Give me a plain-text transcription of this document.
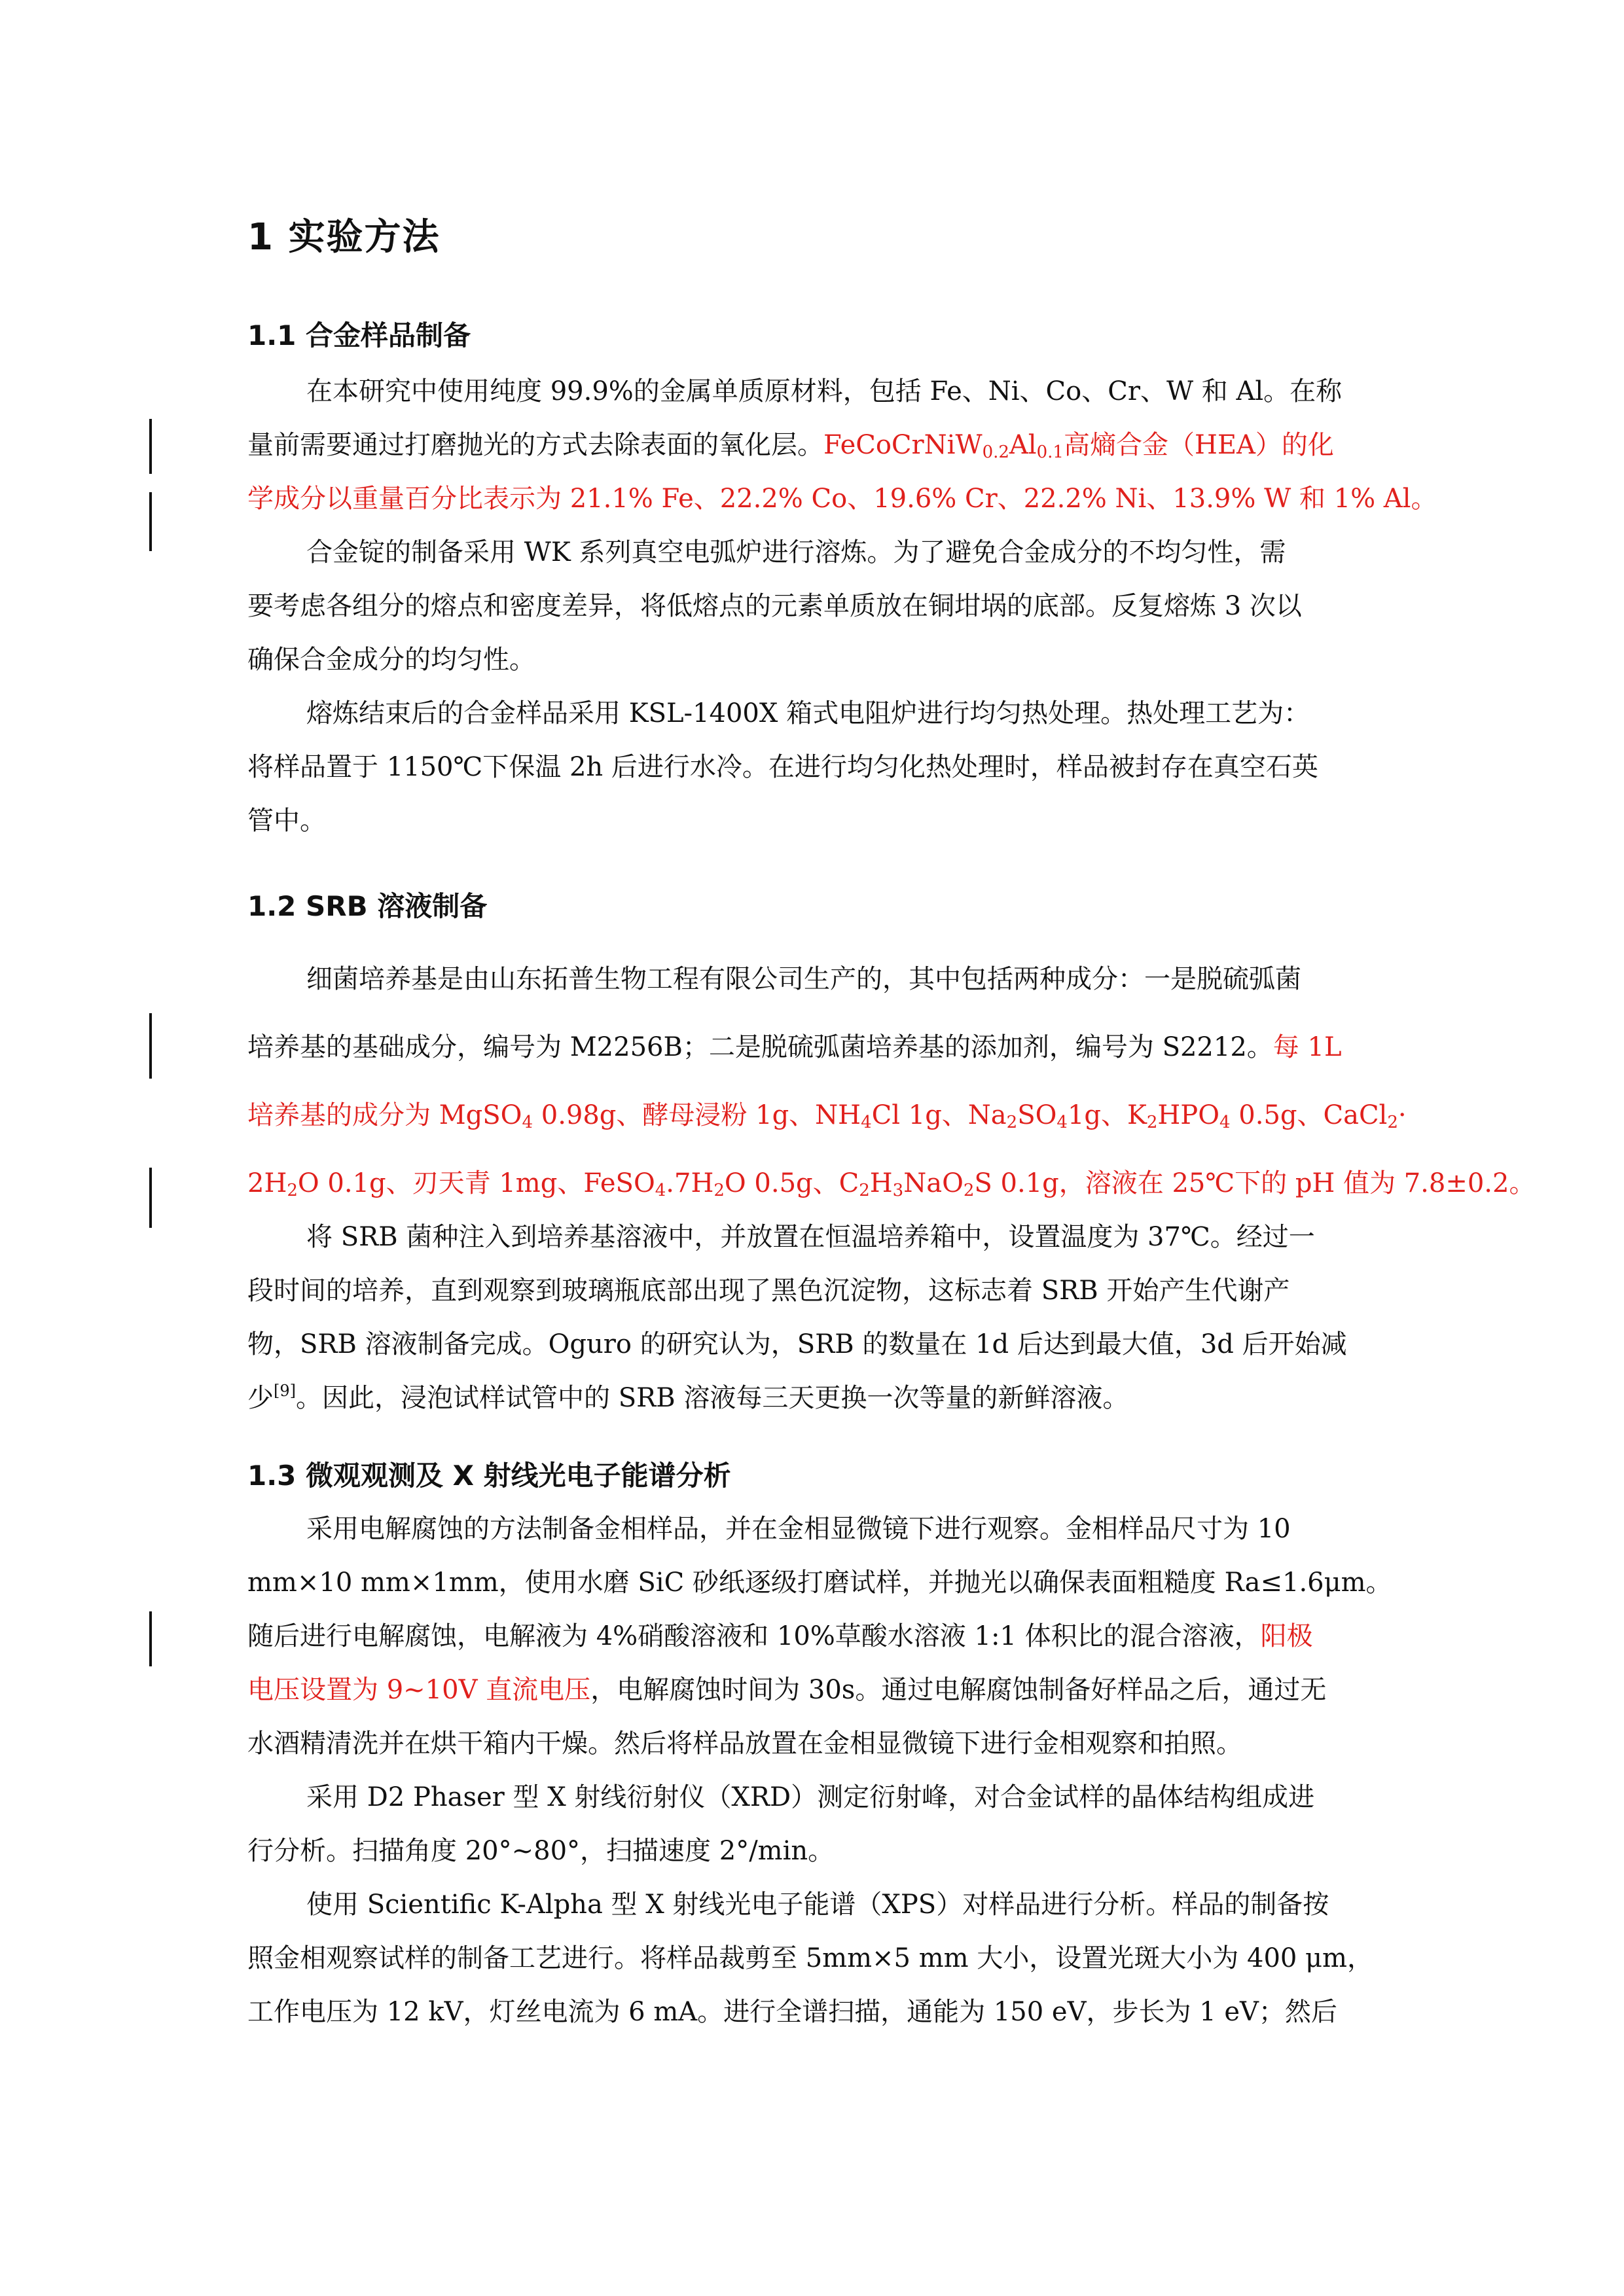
1 实验方法
1.1 合金样品制备
在本研究中使用纯度 99.9%的金属单质原材料，包括 Fe、Ni、Co、Cr、W 和 Al。在称
量前需要通过打磨抛光的方式去除表面的氧化层。$FeCoCrNiW_{0.2}Al_{0.1}$高熵合金（HEA）的化
学成分以重量百分比表示为 21.1% Fe、22.2% Co、19.6% Cr、22.2% Ni、13.9% W 和 1% Al。
合金锭的制备采用 WK 系列真空电弧炉进行溶炼。为了避免合金成分的不均匀性，需
要考虑各组分的熔点和密度差异，将低熔点的元素单质放在铜坩埚的底部。反复熔炼 3 次以
确保合金成分的均匀性。
熔炼结束后的合金样品采用 KSL-1400X 箱式电阻炉进行均匀热处理。热处理工艺为：
将样品置于 1150℃下保温 2h 后进行水冷。在进行均匀化热处理时，样品被封存在真空石英
管中。
1.2 SRB 溶液制备
细菌培养基是由山东拓普生物工程有限公司生产的，其中包括两种成分：一是脱硫弧菌
培养基的基础成分，编号为 M2256B；二是脱硫弧菌培养基的添加剂，编号为 S2212。每 1L
培养基的成分为 MgSO$_4$ 0.98g、酵母浸粉 1g、$NH_4Cl$ 1g、$Na_2SO_41g$、$K_2HPO_4$ 0.5g、CaCl$_2$·
$2H_2O$ 0.1g、刃天青 1mg、$FeSO_4.7H_2O$ 0.5g、$C_2H_3NaO_2S$ 0.1g，溶液在 25℃下的 pH 值为 7.8±0.2。
将 SRB 菌种注入到培养基溶液中，并放置在恒温培养箱中，设置温度为 37℃。经过一
段时间的培养，直到观察到玻璃瓶底部出现了黑色沉淀物，这标志着 SRB 开始产生代谢产
物，SRB 溶液制备完成。Oguro 的研究认为，SRB 的数量在 1d 后达到最大值，3d 后开始减
少[9]。因此，浸泡试样试管中的 SRB 溶液每三天更换一次等量的新鲜溶液。
1.3 微观观测及 X 射线光电子能谱分析
采用电解腐蚀的方法制备金相样品，并在金相显微镜下进行观察。金相样品尺寸为 10
mm×10 mm×1mm，使用水磨 SiC 砂纸逐级打磨试样，并抛光以确保表面粗糙度 Ra≤1.6μm。
随后进行电解腐蚀，电解液为 4%硝酸溶液和 10%草酸水溶液 1:1 体积比的混合溶液，阳极
电压设置为 9~10V 直流电压，电解腐蚀时间为 30s。通过电解腐蚀制备好样品之后，通过无
水酒精清洗并在烘干箱内干燥。然后将样品放置在金相显微镜下进行金相观察和拍照。
采用 D2 Phaser 型 X 射线衍射仪（XRD）测定衍射峰，对合金试样的晶体结构组成进
行分析。扫描角度 20°~80°，扫描速度 2°/min。
使用 Scientific K-Alpha 型 X 射线光电子能谱（XPS）对样品进行分析。样品的制备按
照金相观察试样的制备工艺进行。将样品裁剪至 5mm×5 mm 大小，设置光斑大小为 400 μm，
工作电压为 12 kV，灯丝电流为 6 mA。进行全谱扫描，通能为 150 eV，步长为 1 eV；然后
